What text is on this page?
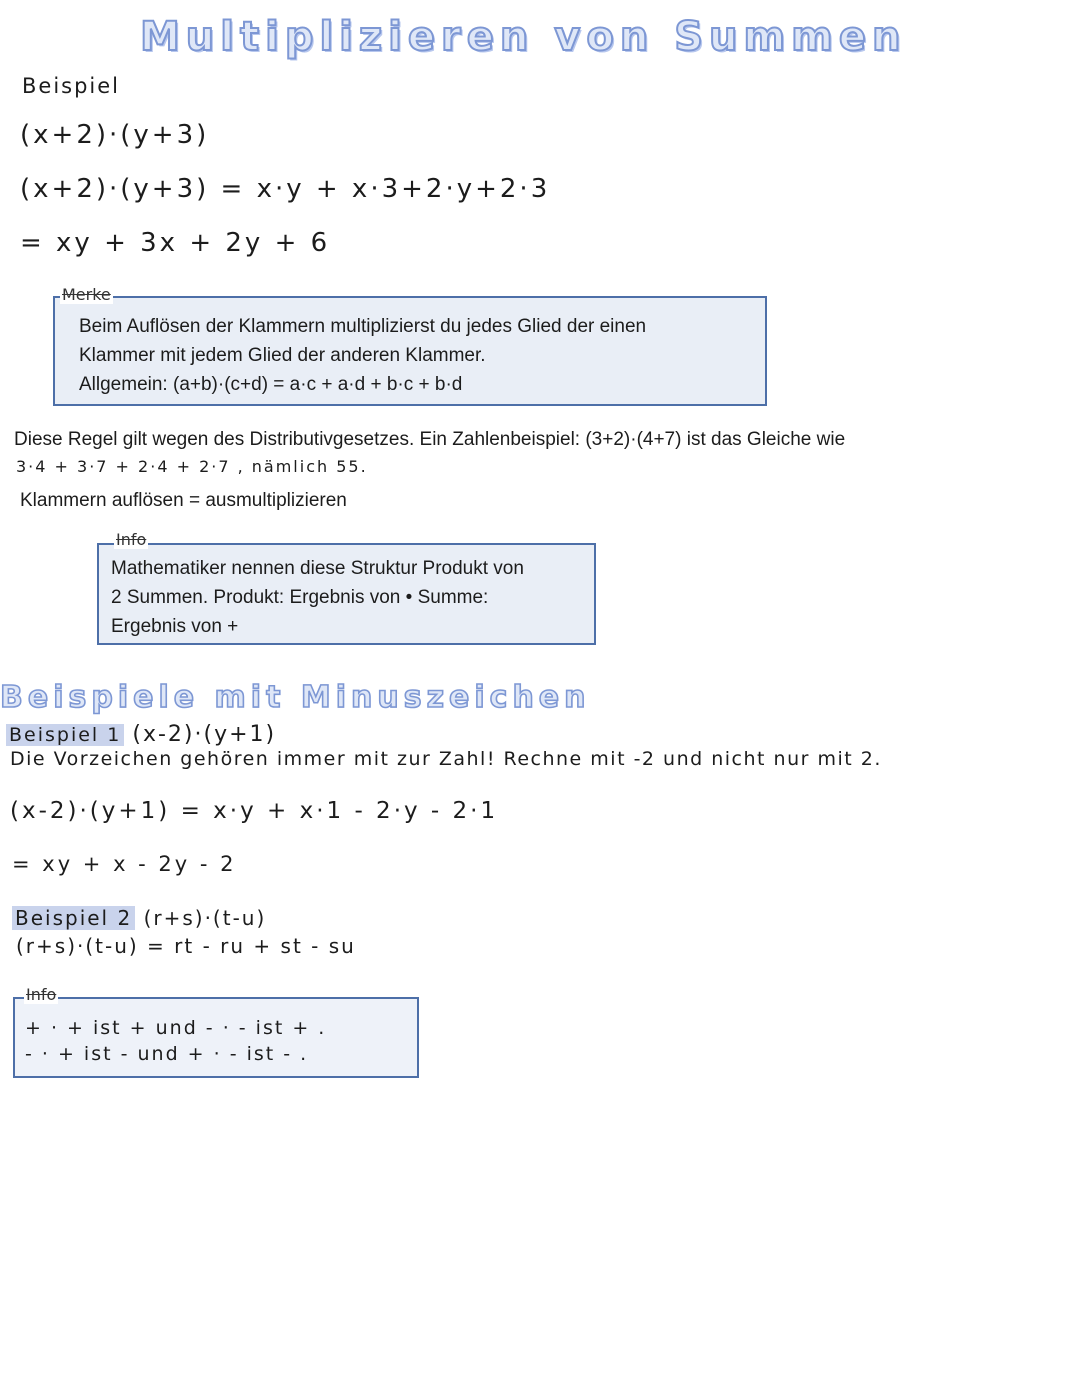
Multiplizieren von Summen
Beispiel
(x+2)·(y+3)
(x+2)·(y+3) = x·y + x·3+2·y+2·3
= xy + 3x + 2y + 6
Beim Auflösen der Klammern multiplizierst du jedes Glied der einen
Klammer mit jedem Glied der anderen Klammer.
Allgemein: (a+b)·(c+d) = a·c + a·d + b·c + b·d
Merke
Diese Regel gilt wegen des Distributivgesetzes. Ein Zahlenbeispiel: (3+2)·(4+7) ist das Gleiche wie
3·4 + 3·7 + 2·4 + 2·7 , nämlich 55.
Klammern auflösen = ausmultiplizieren
Mathematiker nennen diese Struktur Produkt von
2 Summen. Produkt: Ergebnis von • Summe:
Ergebnis von +
Info
Beispiele mit Minuszeichen
Beispiel 1 (x-2)·(y+1)
Die Vorzeichen gehören immer mit zur Zahl! Rechne mit -2 und nicht nur mit 2.
(x-2)·(y+1) = x·y + x·1 - 2·y - 2·1
= xy + x - 2y - 2
Beispiel 2 (r+s)·(t-u)
(r+s)·(t-u) = rt - ru + st - su
+ · + ist + und - · - ist + .
- · + ist - und + · - ist - .
Info
